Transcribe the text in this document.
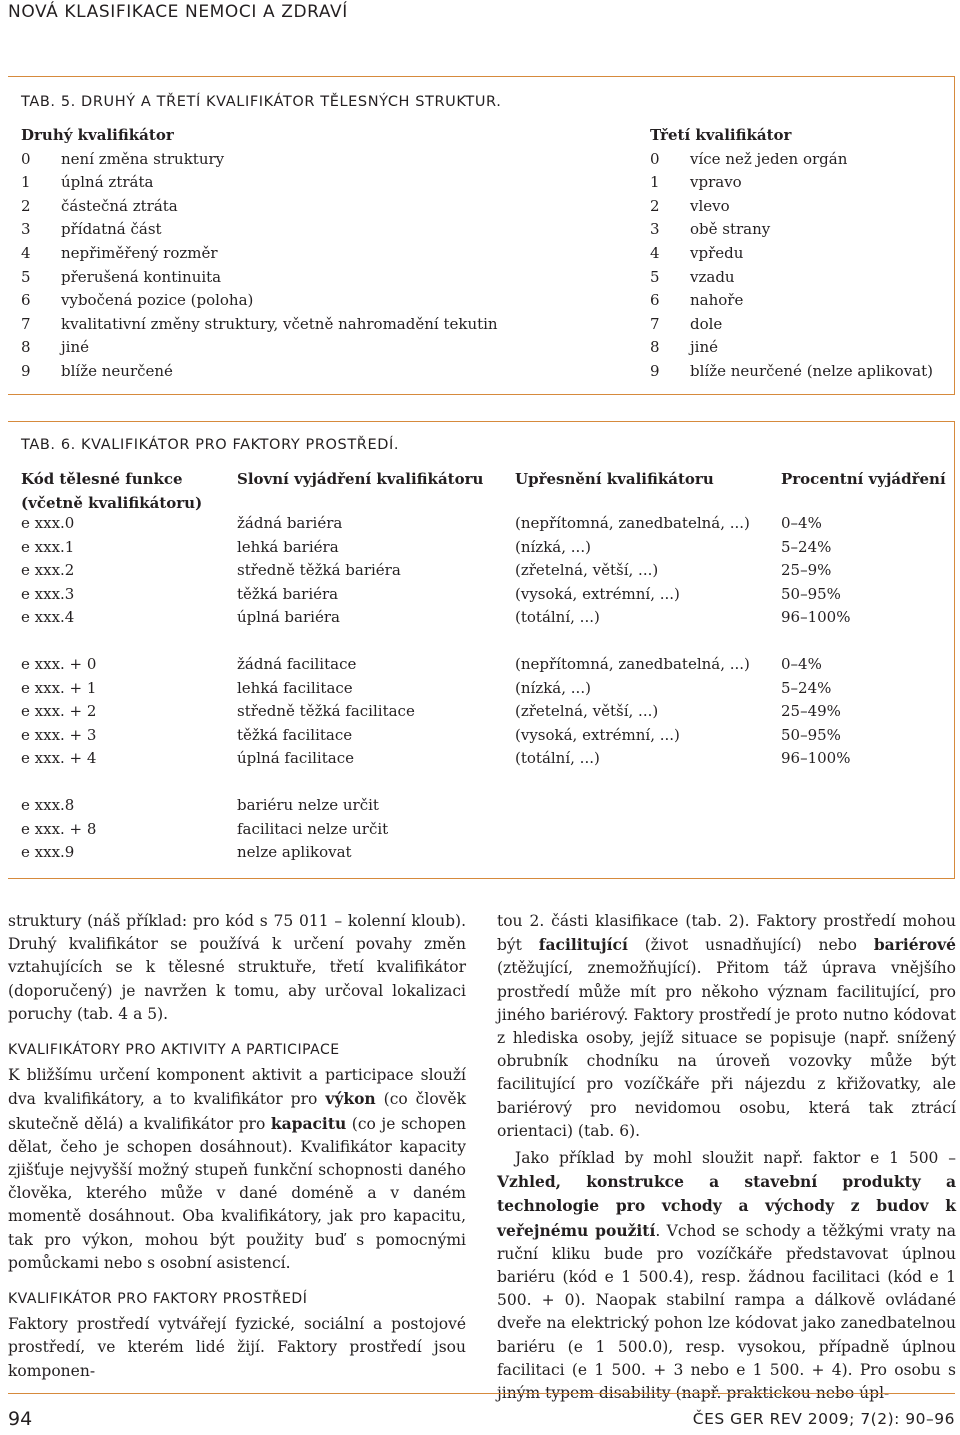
NOVÁ KLASIFIKACE NEMOCI A ZDRAVÍ
TAB. 5. DRUHÝ A TŘETÍ KVALIFIKÁTOR TĚLESNÝCH STRUKTUR.
Druhý kvalifikátor
0	není změna struktury
1	úplná ztráta
2	částečná ztráta
3	přídatná část
4	nepřiměřený rozměr
5	přerušená kontinuita
6	vybočená pozice (poloha)
7	kvalitativní změny struktury, včetně nahromadění tekutin
8	jiné
9	blíže neurčené
Třetí kvalifikátor
0	více než jeden orgán
1	vpravo
2	vlevo
3	obě strany
4	vpředu
5	vzadu
6	nahoře
7	dole
8	jiné
9	blíže neurčené (nelze aplikovat)
TAB. 6. KVALIFIKÁTOR PRO FAKTORY PROSTŘEDÍ.
Kód tělesné funkce	Slovní vyjádření kvalifikátoru	Upřesnění kvalifikátoru	Procentní vyjádření
(včetně kvalifikátoru)
e xxx.0	žádná bariéra	(nepřítomná, zanedbatelná, ...)	0–4%
e xxx.1	lehká bariéra	(nízká, ...)	5–24%
e xxx.2	středně těžká bariéra	(zřetelná, větší, ...)	25–9%
e xxx.3	těžká bariéra	(vysoká, extrémní, ...)	50–95%
e xxx.4	úplná bariéra	(totální, ...)	96–100%
e xxx. + 0	žádná facilitace	(nepřítomná, zanedbatelná, ...)	0–4%
e xxx. + 1	lehká facilitace	(nízká, ...)	5–24%
e xxx. + 2	středně těžká facilitace	(zřetelná, větší, ...)	25–49%
e xxx. + 3	těžká facilitace	(vysoká, extrémní, ...)	50–95%
e xxx. + 4	úplná facilitace	(totální, ...)	96–100%
e xxx.8	bariéru nelze určit
e xxx. + 8	facilitaci nelze určit
e xxx.9	nelze aplikovat

struktury (náš příklad: pro kód s 75 011 – kolenní kloub). Druhý kvalifikátor se používá k určení povahy změn vztahujících se k tělesné struktuře, třetí kvalifikátor (doporučený) je navržen k tomu, aby určoval lokalizaci poruchy (tab. 4 a 5).

KVALIFIKÁTORY PRO AKTIVITY A PARTICIPACE

K bližšímu určení komponent aktivit a participace slouží dva kvalifikátory, a to kvalifikátor pro výkon (co člověk skutečně dělá) a kvalifikátor pro kapacitu (co je schopen dělat, čeho je schopen dosáhnout). Kvalifikátor kapacity zjišťuje nejvyšší možný stupeň funkční schopnosti daného člověka, kterého může v dané doméně a v daném momentě dosáhnout. Oba kvalifikátory, jak pro kapacitu, tak pro výkon, mohou být použity buď s pomocnými pomůckami nebo s osobní asistencí.

KVALIFIKÁTOR PRO FAKTORY PROSTŘEDÍ

Faktory prostředí vytvářejí fyzické, sociální a postojové prostředí, ve kterém lidé žijí. Faktory prostředí jsou komponen-

tou 2. části klasifikace (tab. 2). Faktory prostředí mohou být facilitující (život usnadňující) nebo bariérové (ztěžující, znemožňující). Přitom táž úprava vnějšího prostředí může mít pro někoho význam facilitující, pro jiného bariérový. Faktory prostředí je proto nutno kódovat z hlediska osoby, jejíž situace se popisuje (např. snížený obrubník chodníku na úroveň vozovky může být facilitující pro vozíčkáře při nájezdu z křižovatky, ale bariérový pro nevidomou osobu, která tak ztrácí orientaci) (tab. 6).

Jako příklad by mohl sloužit např. faktor e 1 500 – Vzhled, konstrukce a stavební produkty a technologie pro vchody a východy z budov k veřejnému použití. Vchod se schody a těžkými vraty na ruční kliku bude pro vozíčkáře představovat úplnou bariéru (kód e 1 500.4), resp. žádnou facilitaci (kód e 1 500. + 0). Naopak stabilní rampa a dálkově ovládané dveře na elektrický pohon lze kódovat jako zanedbatelnou bariéru (e 1 500.0), resp. vysokou, případně úplnou facilitaci (e 1 500. + 3 nebo e 1 500. + 4). Pro osobu s jiným typem disability (např. praktickou nebo úpl-

94	ČES GER REV 2009; 7(2): 90–96
